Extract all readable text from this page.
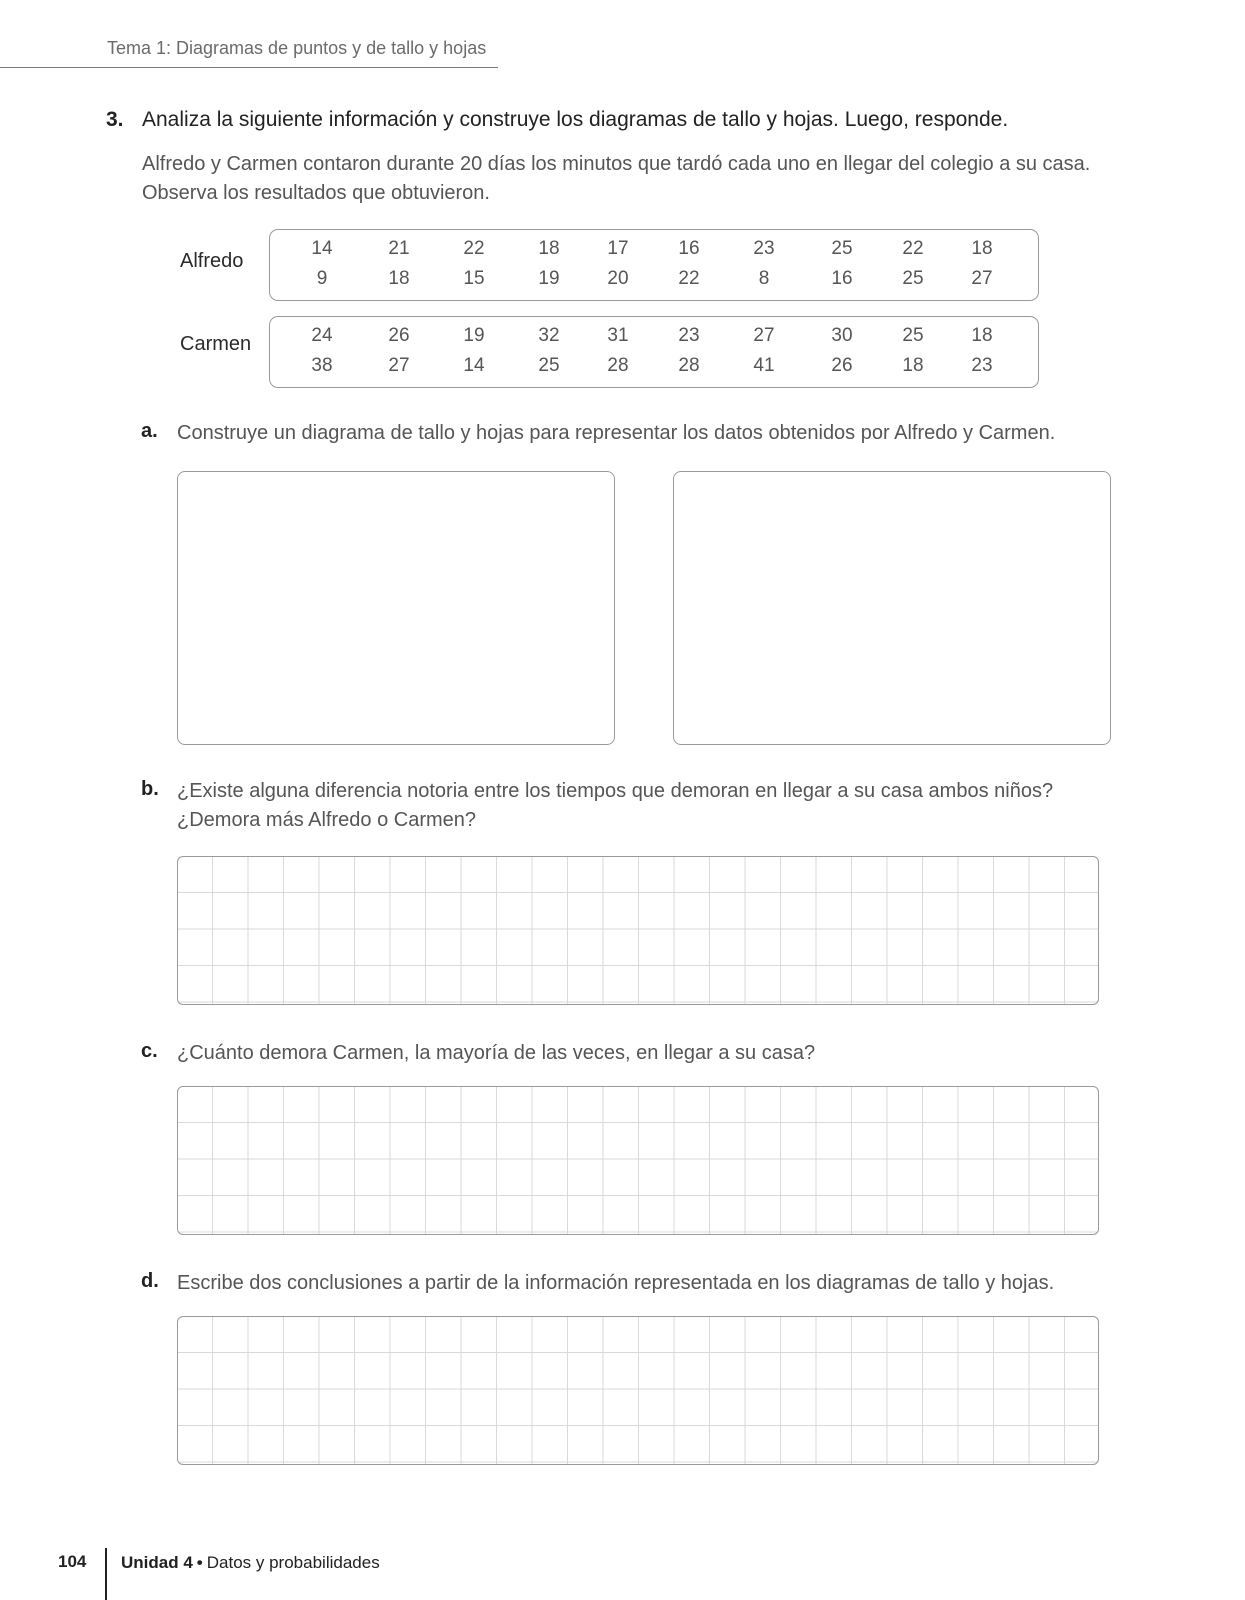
Tema 1: Diagramas de puntos y de tallo y hojas
3. Analiza la siguiente información y construye los diagramas de tallo y hojas. Luego, responde.
Alfredo y Carmen contaron durante 20 días los minutos que tardó cada uno en llegar del colegio a su casa. Observa los resultados que obtuvieron.
Alfredo
14	21	22	18	17	16	23	25	22	18
9	18	15	19	20	22	8	16	25	27
Carmen	24	26	19	32	31	23	27	30	25	18
38	27	14	25	28	28	41	26	18	23
a. Construye un diagrama de tallo y hojas para representar los datos obtenidos por Alfredo y Carmen.
b. ¿Existe alguna diferencia notoria entre los tiempos que demoran en llegar a su casa ambos niños?
¿Demora más Alfredo o Carmen?
c. ¿Cuánto demora Carmen, la mayoría de las veces, en llegar a su casa?
d. Escribe dos conclusiones a partir de la información representada en los diagramas de tallo y hojas.
104 Unidad 4 • Datos y probabilidades
